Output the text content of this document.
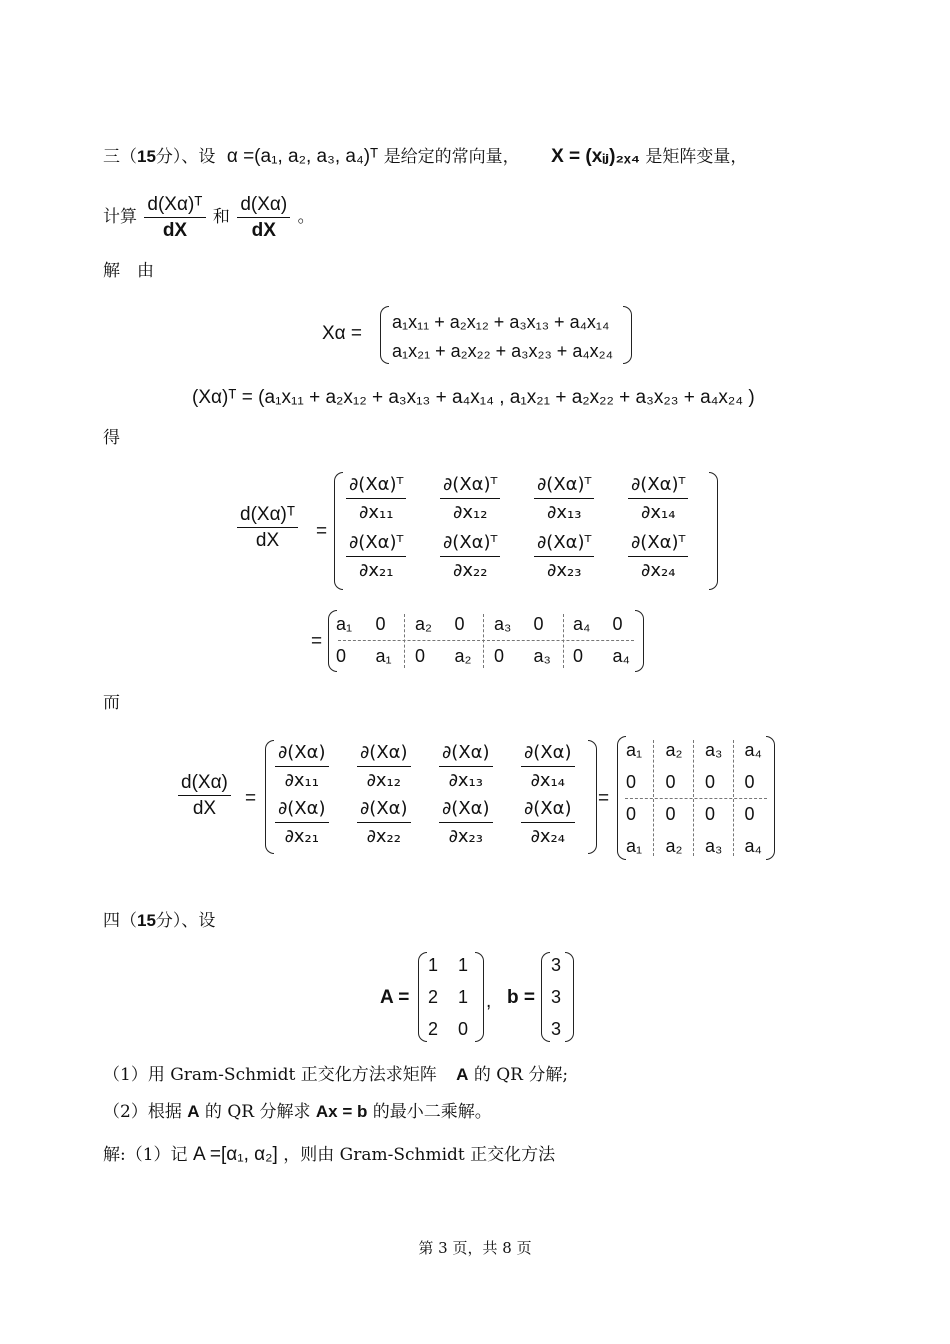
三（15分）、设 α =(a₁, a₂, a₃, a₄)ᵀ 是给定的常向量， X = (xᵢⱼ)₂ₓ₄ 是矩阵变量，
计算 $\frac{\text{d(Xα)ᵀ}}{dX}$ 和 $\frac{d(X\alpha)}{dX}$ 。
解　由
Xα =
a₁x₁₁ + a₂x₁₂ + a₃x₁₃ + a₄x₁₄
a₁x₂₁ + a₂x₂₂ + a₃x₂₃ + a₄x₂₄
(Xα)ᵀ = (a₁x₁₁ + a₂x₁₂ + a₃x₁₃ + a₄x₁₄ , a₁x₂₁ + a₂x₂₂ + a₃x₂₃ + a₄x₂₄ )
得
$\frac{\text{d(Xα)ᵀ}}{dX}$ =
$\frac{\text{∂(Xα)ᵀ}}{\text{∂x₁₁}} \frac{\text{∂(Xα)ᵀ}}{\text{∂x₁₂}} \frac{\text{∂(Xα)ᵀ}}{\text{∂x₁₃}} \frac{\text{∂(Xα)ᵀ}}{\text{∂x₁₄}}$
$\frac{\text{∂(Xα)ᵀ}}{\text{∂x₂₁}} \frac{\text{∂(Xα)ᵀ}}{\text{∂x₂₂}} \frac{\text{∂(Xα)ᵀ}}{\text{∂x₂₃}} \frac{\text{∂(Xα)ᵀ}}{\text{∂x₂₄}}$
=
a₁ 0 a₂ 0 a₃ 0 a₄ 0
0 a₁ 0 a₂ 0 a₃ 0 a₄
而
$\frac{d(X\alpha)}{dX}$ =
$\frac{\partial(X\alpha)}{\text{∂x₁₁}} \frac{\partial(X\alpha)}{\text{∂x₁₂}} \frac{\partial(X\alpha)}{\text{∂x₁₃}} \frac{\partial(X\alpha)}{\text{∂x₁₄}}$
$\frac{\partial(X\alpha)}{\text{∂x₂₁}} \frac{\partial(X\alpha)}{\text{∂x₂₂}} \frac{\partial(X\alpha)}{\text{∂x₂₃}} \frac{\partial(X\alpha)}{\text{∂x₂₄}}$ =
a₁ a₂ a₃ a₄
0 0 0 0
0 0 0 0
a₁ a₂ a₃ a₄
四（15分）、设
A =
1 1
2 1
2 0
, b =
3
3
3
（1）用 Gram-Schmidt 正交化方法求矩阵 A 的 QR 分解;
（2）根据 A 的 QR 分解求 Ax = b 的最小二乘解。
解:（1）记 A =[α₁, α₂] ，则由 Gram-Schmidt 正交化方法
第 3 页，共 8 页
